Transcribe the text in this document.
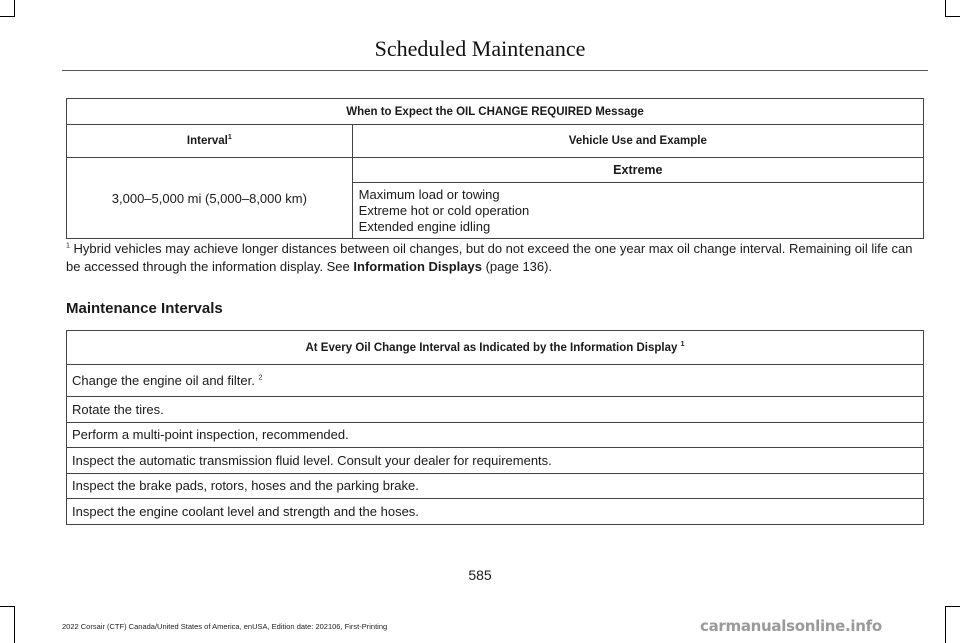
Scheduled Maintenance
When to Expect the OIL CHANGE REQUIRED Message	
Interval$^1$	Vehicle Use and Example
3,000–5,000 mi (5,000–8,000 km)	Extreme

	Maximum load or towing
Extreme hot or cold operation
Extended engine idling
$^1$ Hybrid vehicles may achieve longer distances between oil changes, but do not exceed the one year max oil change interval. Remaining oil life can be accessed through the information display. See Information Displays (page 136).
Maintenance Intervals
At Every Oil Change Interval as Indicated by the Information Display $^1$
Change the engine oil and filter. $^2$
Rotate the tires.
Perform a multi-point inspection, recommended.
Inspect the automatic transmission fluid level. Consult your dealer for requirements.
Inspect the brake pads, rotors, hoses and the parking brake.
Inspect the engine coolant level and strength and the hoses.
585
2022 Corsair (CTF) Canada/United States of America, enUSA, Edition date: 202106, First-Printing	carmanualsonline.info
